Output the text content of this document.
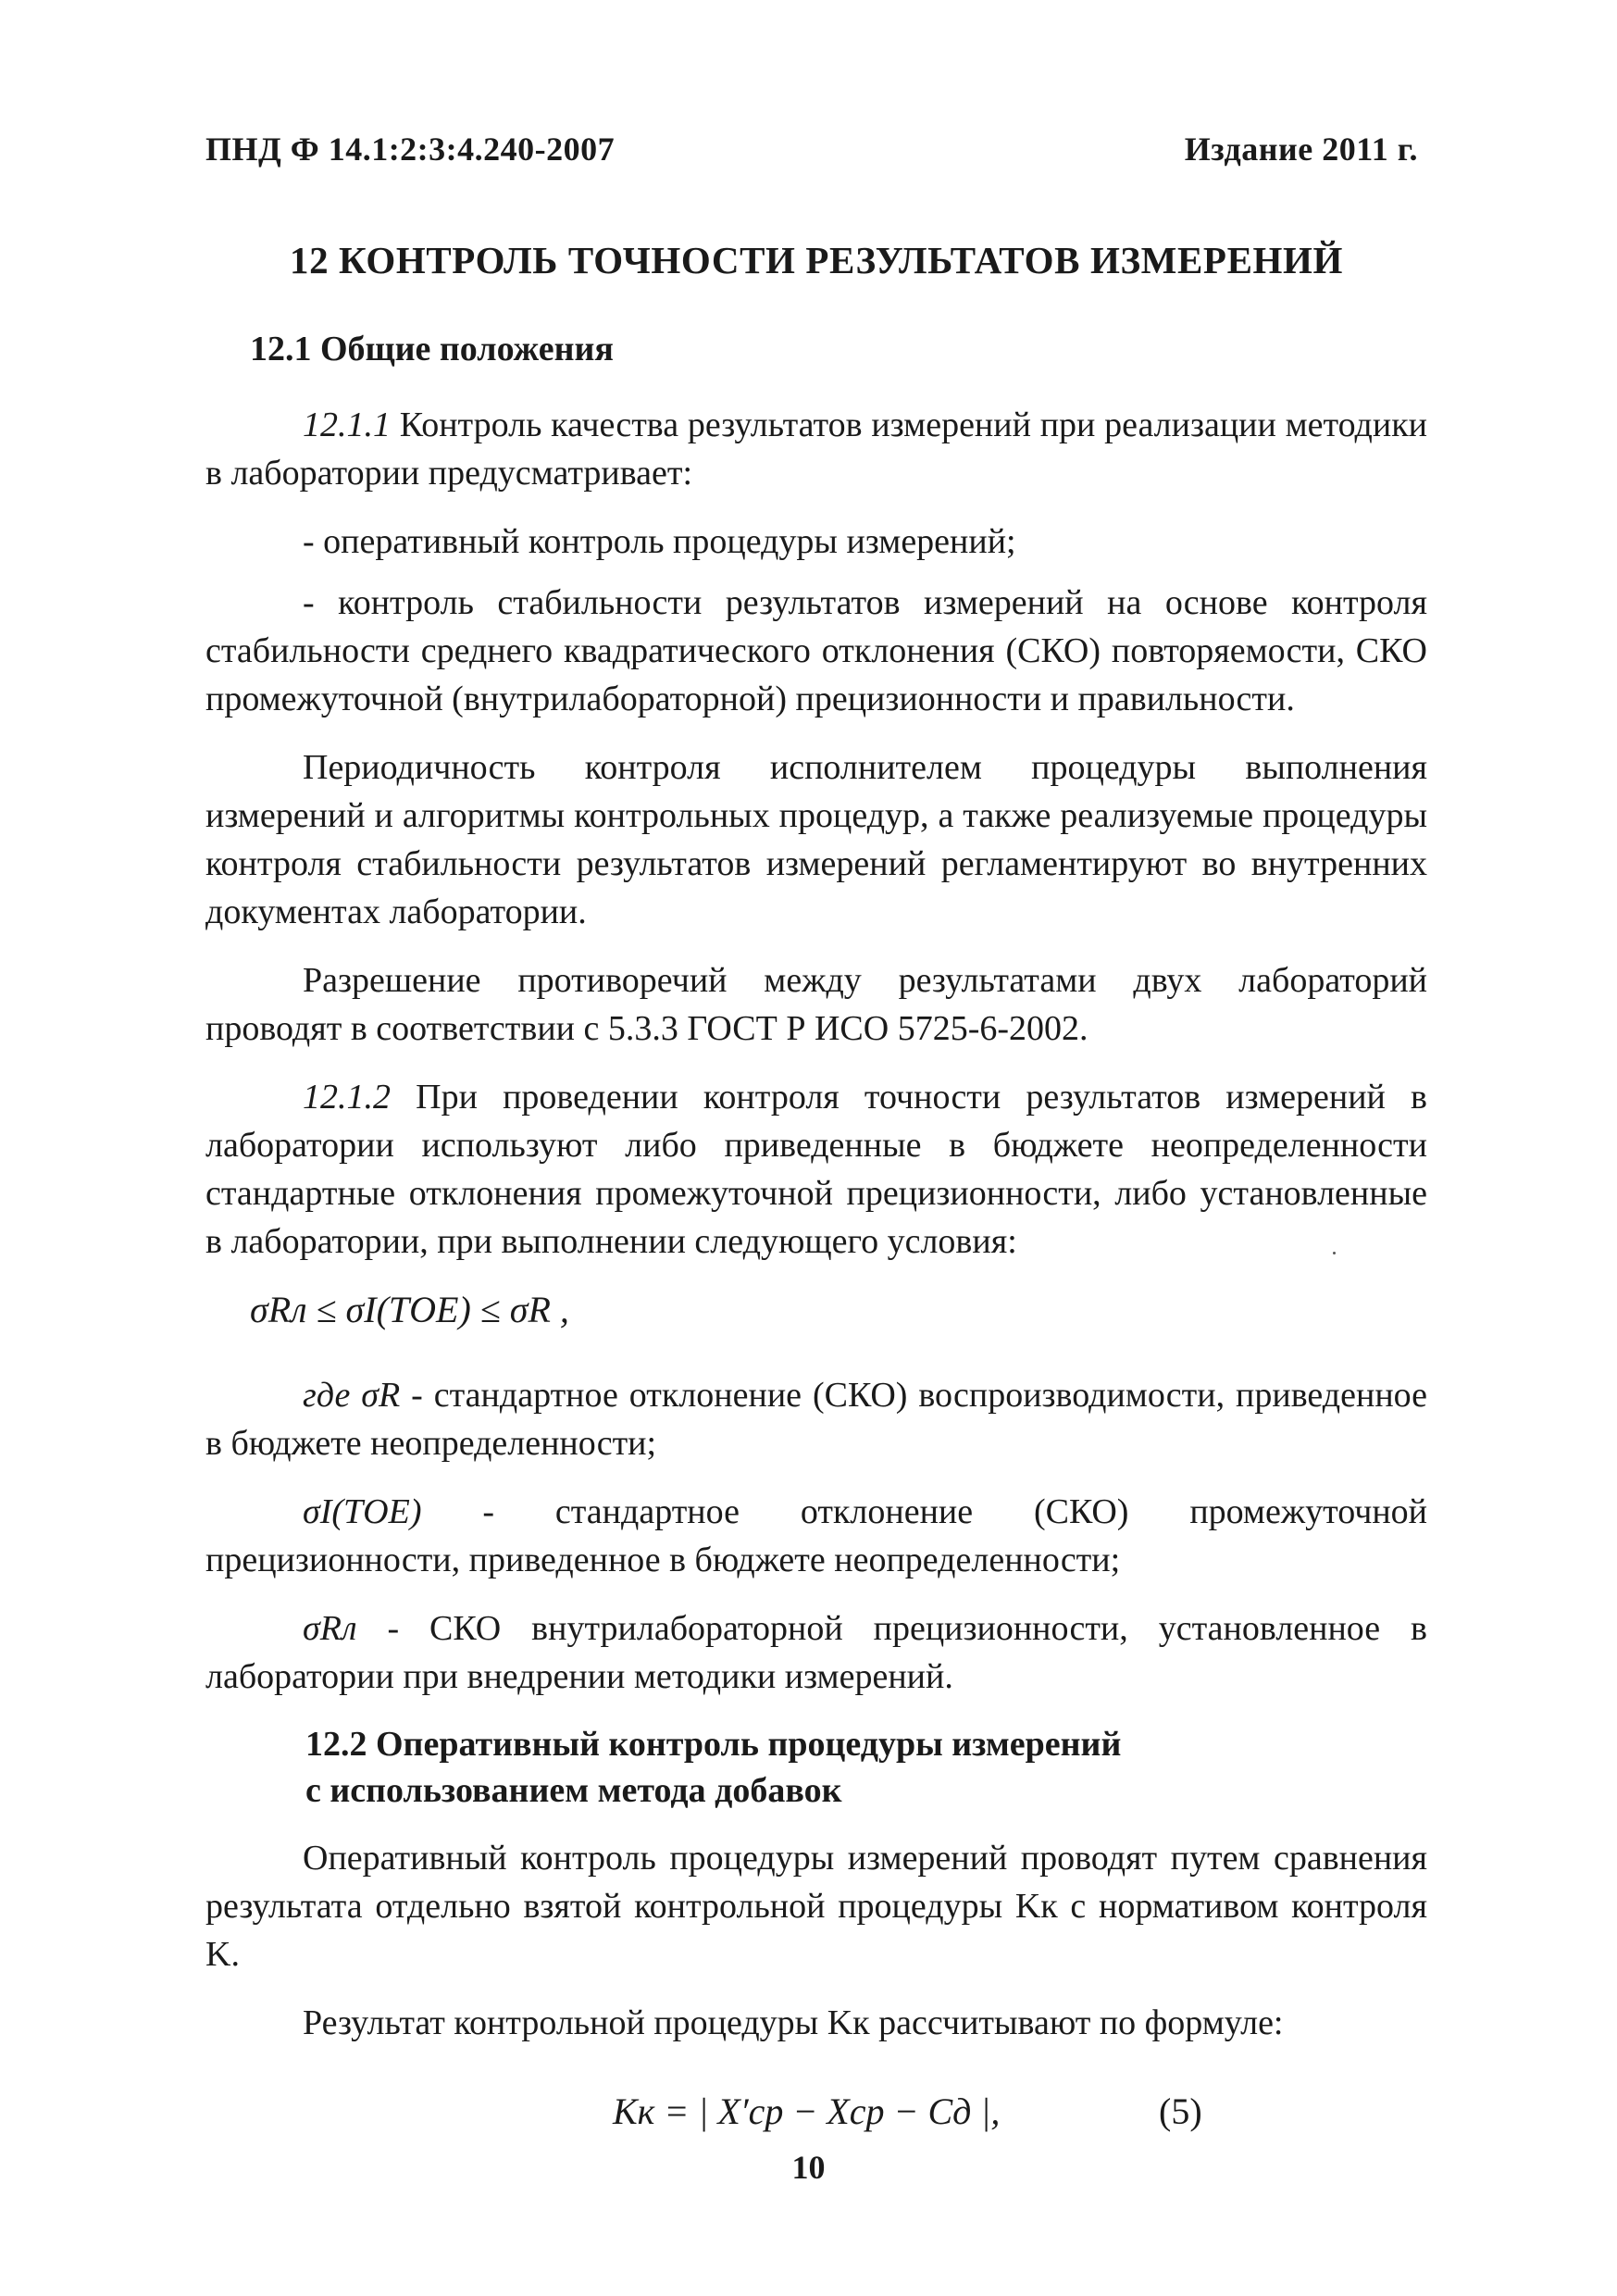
ПНД Ф 14.1:2:3:4.240-2007	Издание 2011 г.
12 КОНТРОЛЬ ТОЧНОСТИ РЕЗУЛЬТАТОВ ИЗМЕРЕНИЙ
12.1 Общие положения

12.1.1 Контроль качества результатов измерений при реализации методики в лаборатории предусматривает:

- оперативный контроль процедуры измерений;

- контроль стабильности результатов измерений на основе контроля стабильности среднего квадратического отклонения (СКО) повторяемости, СКО промежуточной (внутрилабораторной) прецизионности и правильности.

Периодичность контроля исполнителем процедуры выполнения измерений и алгоритмы контрольных процедур, а также реализуемые процедуры контроля стабильности результатов измерений регламентируют во внутренних документах лаборатории.

Разрешение противоречий между результатами двух лабораторий проводят в соответствии с 5.3.3 ГОСТ Р ИСО 5725-6-2002.

12.1.2 При проведении контроля точности результатов измерений в лаборатории используют либо приведенные в бюджете неопределенности стандартные отклонения промежуточной прецизионности, либо установленные в лаборатории, при выполнении следующего условия:

σRл ≤ σI(ТОЕ) ≤ σR ,

где σR - стандартное отклонение (СКО) воспроизводимости, приведенное в бюджете неопределенности;

σI(ТОЕ) - стандартное отклонение (СКО) промежуточной прецизионности, приведенное в бюджете неопределенности;

σRл - СКО внутрилабораторной прецизионности, установленное в лаборатории при внедрении методики измерений.

12.2 Оперативный контроль процедуры измерений
с использованием метода добавок

Оперативный контроль процедуры измерений проводят путем сравнения результата отдельно взятой контрольной процедуры Kк с нормативом контроля K.

Результат контрольной процедуры Kк рассчитывают по формуле:

Kк = | X′ср − Xср − Cд |,	(5)
10
